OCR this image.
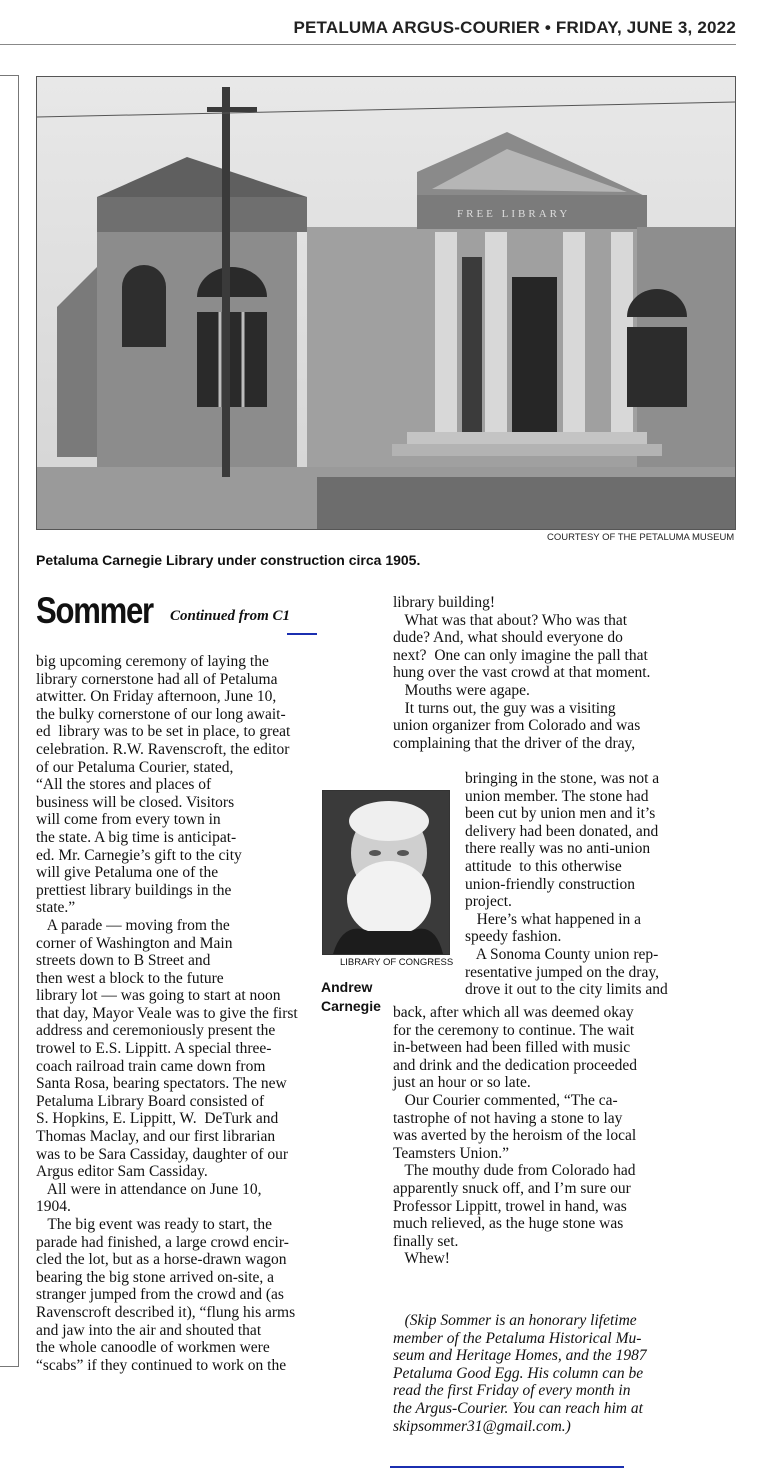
PETALUMA ARGUS-COURIER • FRIDAY, JUNE 3, 2022
FREE LIBRARY
COURTESY OF THE PETALUMA MUSEUM
Petaluma Carnegie Library under construction circa 1905.
Sommer Continued from C1

big upcoming ceremony of laying the

library cornerstone had all of Petaluma

atwitter. On Friday afternoon, June 10,

the bulky cornerstone of our long await-

ed  library was to be set in place, to great

celebration. R.W. Ravenscroft, the editor

of our Petaluma Courier, stated,

“All the stores and places of

business will be closed. Visitors

will come from every town in

the state. A big time is anticipat-

ed. Mr. Carnegie’s gift to the city

will give Petaluma one of the

prettiest library buildings in the

state.”

A parade — moving from the

corner of Washington and Main

streets down to B Street and

then west a block to the future

library lot — was going to start at noon

that day, Mayor Veale was to give the first

address and ceremoniously present the

trowel to E.S. Lippitt. A special three-

coach railroad train came down from

Santa Rosa, bearing spectators. The new

Petaluma Library Board consisted of

S. Hopkins, E. Lippitt, W.  DeTurk and

Thomas Maclay, and our first librarian

was to be Sara Cassiday, daughter of our

Argus editor Sam Cassiday.

All were in attendance on June 10,

1904.

The big event was ready to start, the

parade had finished, a large crowd encir-

cled the lot, but as a horse-drawn wagon

bearing the big stone arrived on-site, a

stranger jumped from the crowd and (as

Ravenscroft described it), “flung his arms

and jaw into the air and shouted that

the whole canoodle of workmen were

“scabs” if they continued to work on the

LIBRARY OF CONGRESS
Andrew
Carnegie

library building!

What was that about? Who was that

dude? And, what should everyone do

next?  One can only imagine the pall that

hung over the vast crowd at that moment.

Mouths were agape.

It turns out, the guy was a visiting

union organizer from Colorado and was

complaining that the driver of the dray,

bringing in the stone, was not a

union member. The stone had

been cut by union men and it’s

delivery had been donated, and

there really was no anti-union

attitude  to this otherwise

union-friendly construction

project.

Here’s what happened in a

speedy fashion.

A Sonoma County union rep-

resentative jumped on the dray,

drove it out to the city limits and

back, after which all was deemed okay

for the ceremony to continue. The wait

in-between had been filled with music

and drink and the dedication proceeded

just an hour or so late.

Our Courier commented, “The ca-

tastrophe of not having a stone to lay

was averted by the heroism of the local

Teamsters Union.”

The mouthy dude from Colorado had

apparently snuck off, and I’m sure our

Professor Lippitt, trowel in hand, was

much relieved, as the huge stone was

finally set.

Whew!

(Skip Sommer is an honorary lifetime

member of the Petaluma Historical Mu-

seum and Heritage Homes, and the 1987

Petaluma Good Egg. His column can be

read the first Friday of every month in

the Argus-Courier. You can reach him at

skipsommer31@gmail.com.)
